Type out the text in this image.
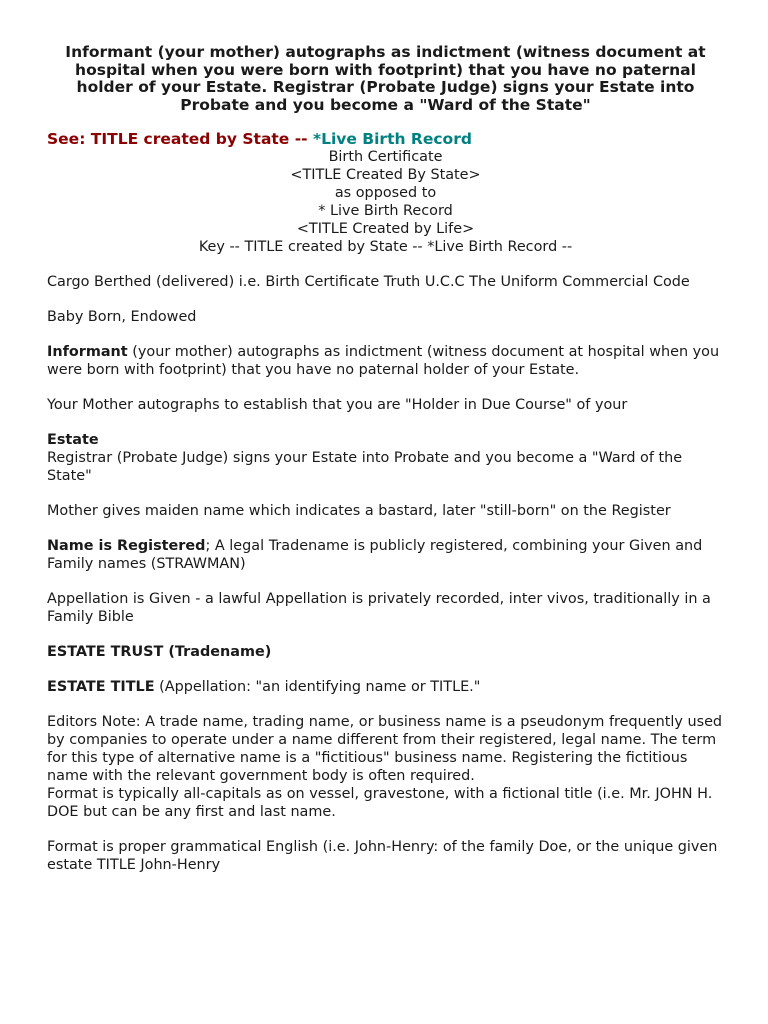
Informant (your mother) autographs as indictment (witness document at hospital when you were born with footprint) that you have no paternal holder of your Estate. Registrar (Probate Judge) signs your Estate into Probate and you become a "Ward of the State"
See: TITLE created by State -- *Live Birth Record
Birth Certificate
<TITLE Created By State>
as opposed to
* Live Birth Record
<TITLE Created by Life>
Key -- TITLE created by State -- *Live Birth Record --

Cargo Berthed (delivered) i.e. Birth Certificate Truth U.C.C The Uniform Commercial Code

Baby Born, Endowed

Informant (your mother) autographs as indictment (witness document at hospital when you were born with footprint) that you have no paternal holder of your Estate.

Your Mother autographs to establish that you are "Holder in Due Course" of your

Estate
Registrar (Probate Judge) signs your Estate into Probate and you become a "Ward of the State"

Mother gives maiden name which indicates a bastard, later "still-born" on the Register

Name is Registered; A legal Tradename is publicly registered, combining your Given and Family names (STRAWMAN)

Appellation is Given - a lawful Appellation is privately recorded, inter vivos, traditionally in a Family Bible

ESTATE TRUST (Tradename)

ESTATE TITLE (Appellation: "an identifying name or TITLE."

Editors Note: A trade name, trading name, or business name is a pseudonym frequently used by companies to operate under a name different from their registered, legal name. The term for this type of alternative name is a "fictitious" business name. Registering the fictitious name with the relevant government body is often required.

Format is typically all-capitals as on vessel, gravestone, with a fictional title (i.e. Mr. JOHN H. DOE but can be any first and last name.

Format is proper grammatical English (i.e. John-Henry: of the family Doe, or the unique given estate TITLE John-Henry
